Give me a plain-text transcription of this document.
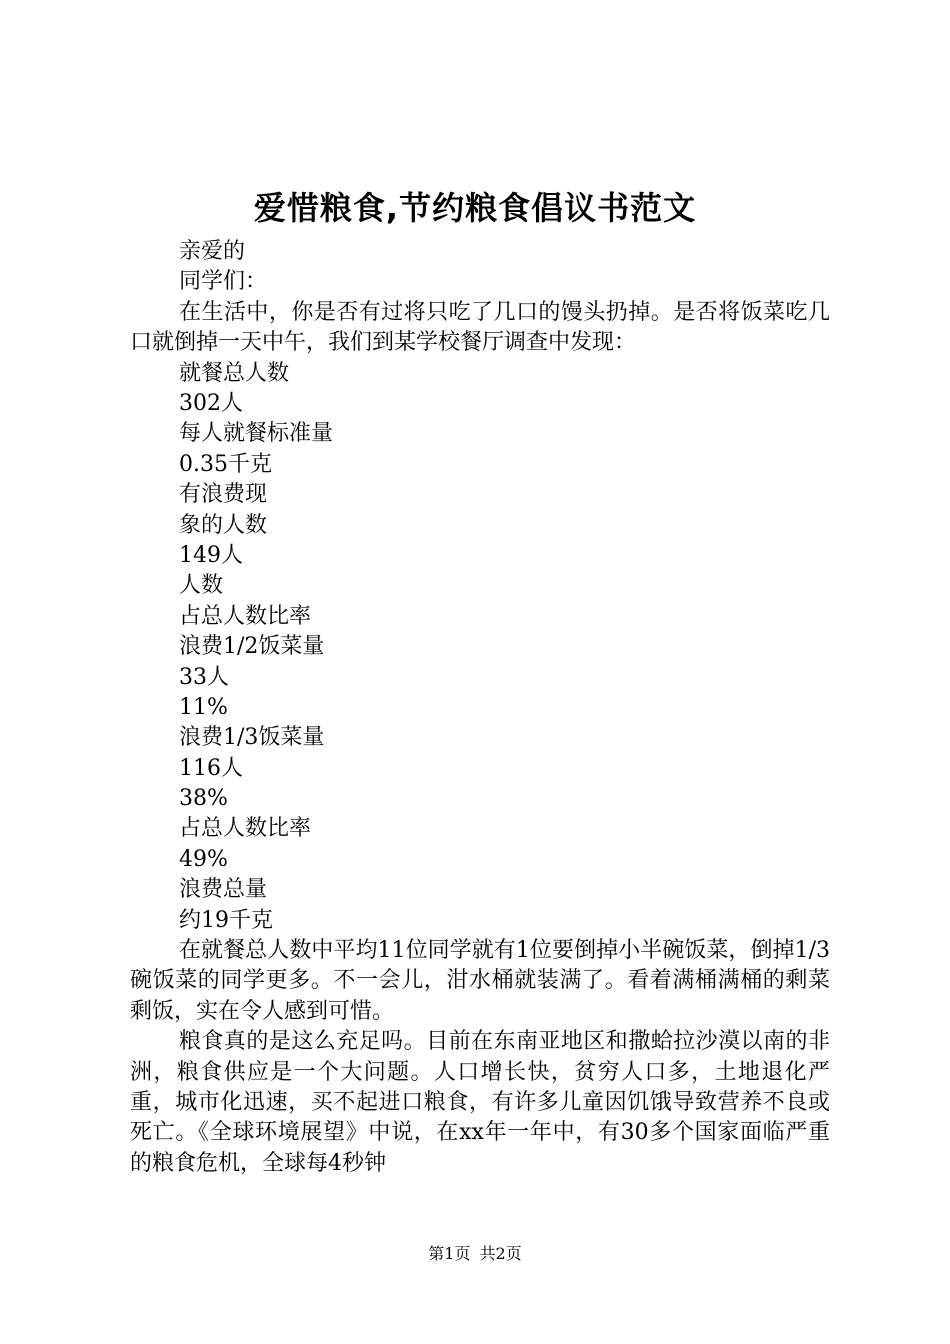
爱惜粮食,节约粮食倡议书范文
亲爱的
同学们：
在生活中，你是否有过将只吃了几口的馒头扔掉。是否将饭菜吃几口就倒掉一天中午，我们到某学校餐厅调查中发现：
就餐总人数
302人
每人就餐标准量
0.35千克
有浪费现
象的人数
149人
人数
占总人数比率
浪费1/2饭菜量
33人
11%
浪费1/3饭菜量
116人
38%
占总人数比率
49%
浪费总量
约19千克
在就餐总人数中平均11位同学就有1位要倒掉小半碗饭菜，倒掉1/3碗饭菜的同学更多。不一会儿，泔水桶就装满了。看着满桶满桶的剩菜剩饭，实在令人感到可惜。
粮食真的是这么充足吗。目前在东南亚地区和撒蛤拉沙漠以南的非洲，粮食供应是一个大问题。人口增长快，贫穷人口多，土地退化严重，城市化迅速，买不起进口粮食，有许多儿童因饥饿导致营养不良或死亡。《全球环境展望》中说，在xx年一年中，有30多个国家面临严重的粮食危机，全球每4秒钟
第1页 共2页
